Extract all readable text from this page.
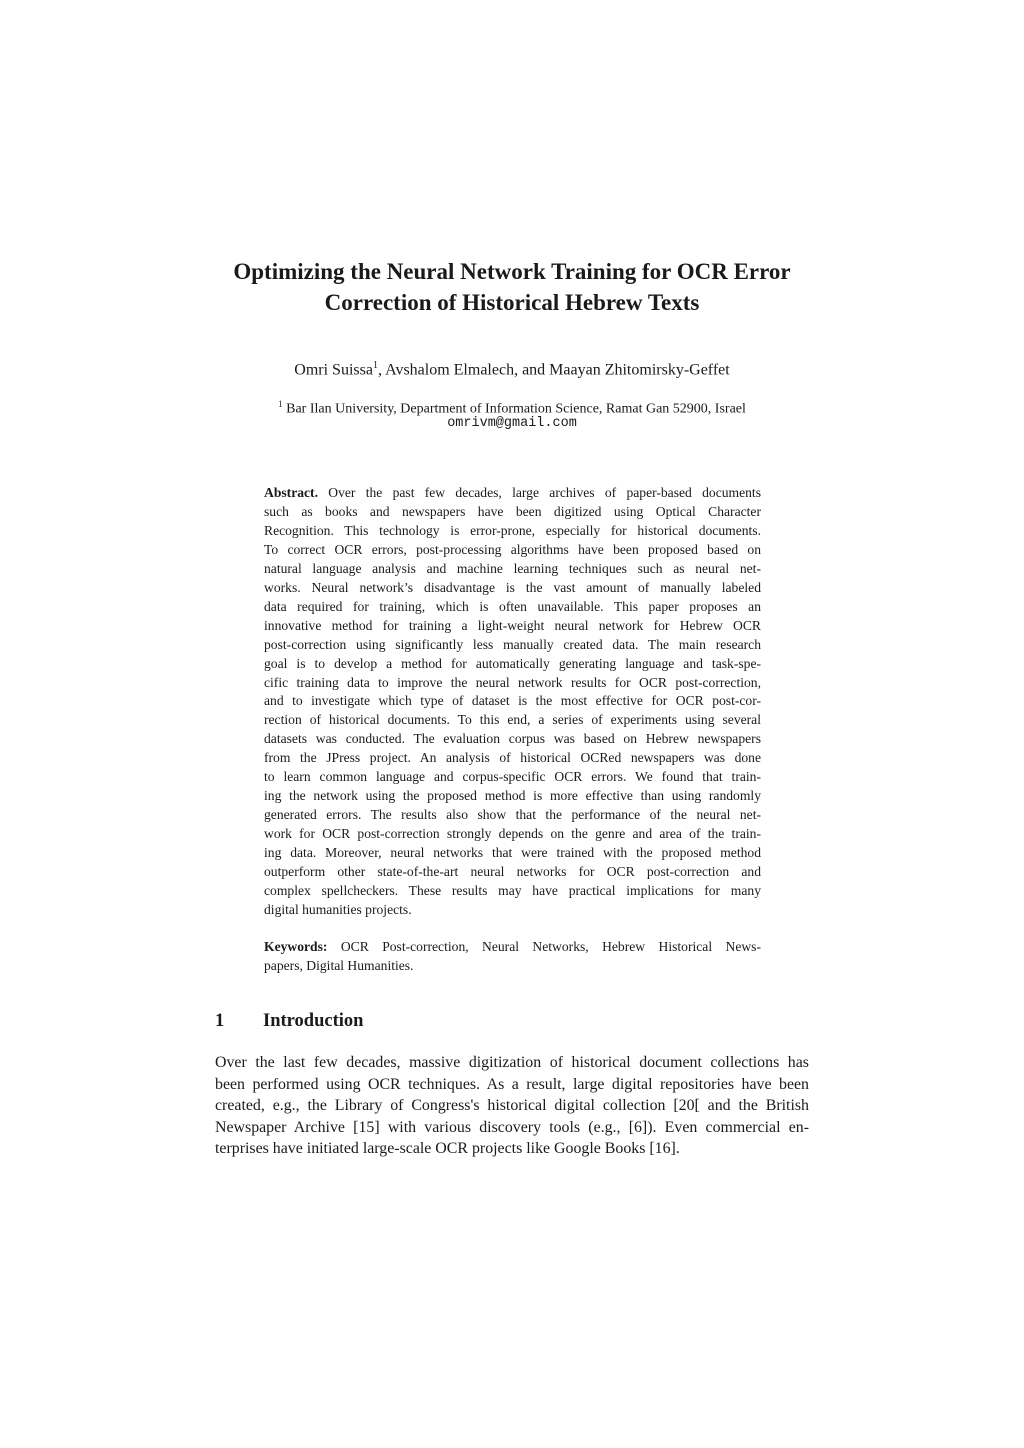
Optimizing the Neural Network Training for OCR Error
Correction of Historical Hebrew Texts
Omri Suissa$^1$, Avshalom Elmalech, and Maayan Zhitomirsky-Geffet
$^1$ Bar Ilan University, Department of Information Science, Ramat Gan 52900, Israel
omrivm@gmail.com
Abstract. Over the past few decades, large archives of paper-based documents
such as books and newspapers have been digitized using Optical Character
Recognition. This technology is error-prone, especially for historical documents.
To correct OCR errors, post-processing algorithms have been proposed based on
natural language analysis and machine learning techniques such as neural net-
works. Neural network’s disadvantage is the vast amount of manually labeled
data required for training, which is often unavailable. This paper proposes an
innovative method for training a light-weight neural network for Hebrew OCR
post-correction using significantly less manually created data. The main research
goal is to develop a method for automatically generating language and task-spe-
cific training data to improve the neural network results for OCR post-correction,
and to investigate which type of dataset is the most effective for OCR post-cor-
rection of historical documents. To this end, a series of experiments using several
datasets was conducted. The evaluation corpus was based on Hebrew newspapers
from the JPress project. An analysis of historical OCRed newspapers was done
to learn common language and corpus-specific OCR errors. We found that train-
ing the network using the proposed method is more effective than using randomly
generated errors. The results also show that the performance of the neural net-
work for OCR post-correction strongly depends on the genre and area of the train-
ing data. Moreover, neural networks that were trained with the proposed method
outperform other state-of-the-art neural networks for OCR post-correction and
complex spellcheckers. These results may have practical implications for many
digital humanities projects.
Keywords: OCR Post-correction, Neural Networks, Hebrew Historical News-
papers, Digital Humanities.
1 Introduction
Over the last few decades, massive digitization of historical document collections has
been performed using OCR techniques. As a result, large digital repositories have been
created, e.g., the Library of Congress's historical digital collection [20[ and the British
Newspaper Archive [15] with various discovery tools (e.g., [6]). Even commercial en-
terprises have initiated large-scale OCR projects like Google Books [16].
